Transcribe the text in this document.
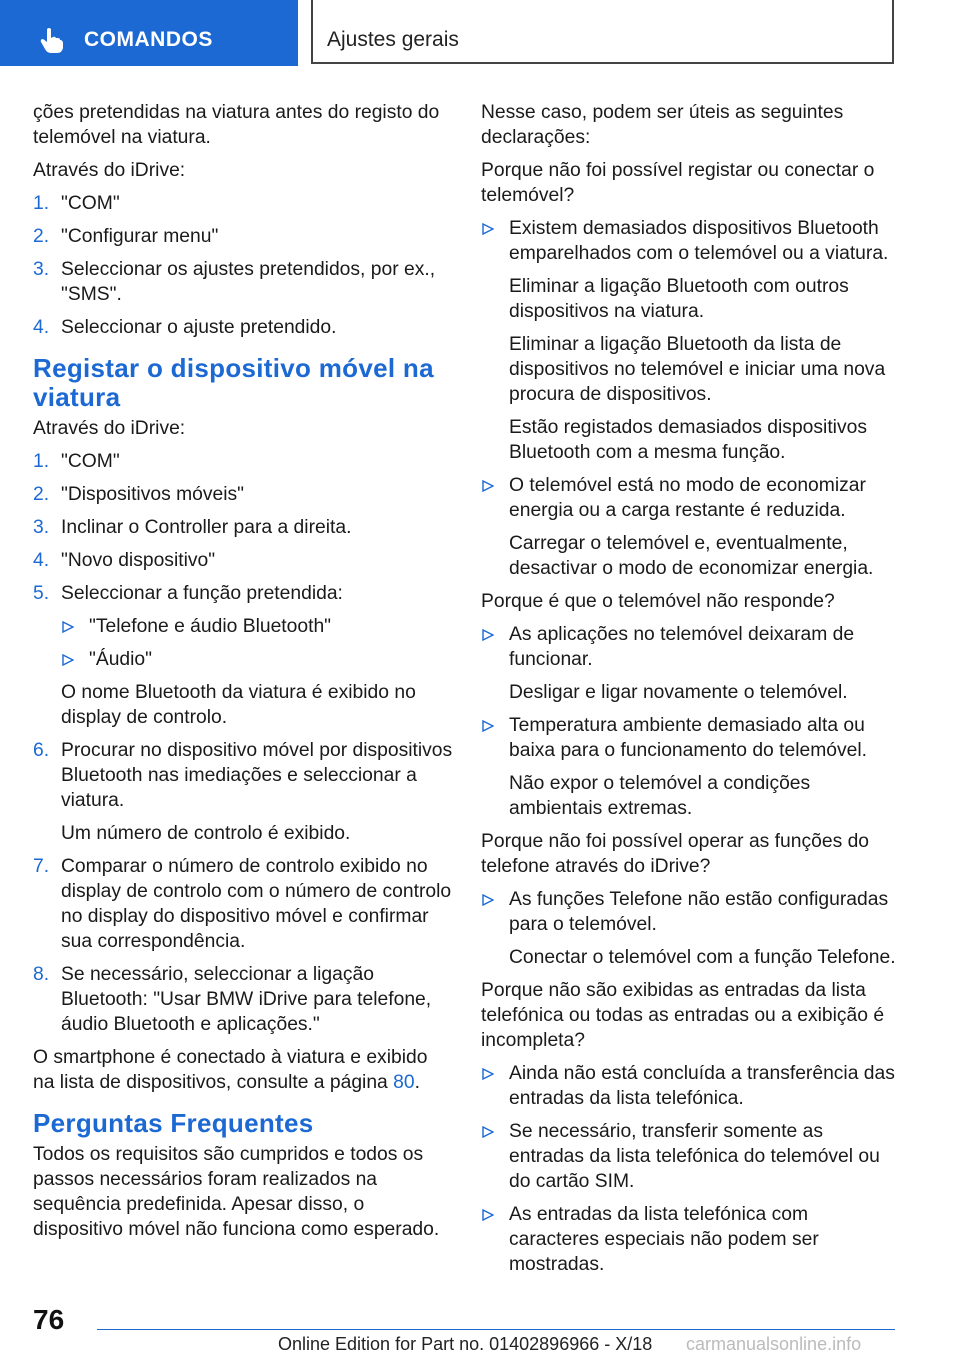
COMANDOS	Ajustes gerais

ções pretendidas na viatura antes do registo do telemóvel na viatura.

Através do iDrive:

1. "COM"
2. "Configurar menu"
3. Seleccionar os ajustes pretendidos, por ex., "SMS".
4. Seleccionar o ajuste pretendido.
Registar o dispositivo móvel na viatura

Através do iDrive:

1. "COM"
2. "Dispositivos móveis"
3. Inclinar o Controller para a direita.
4. "Novo dispositivo"
5. Seleccionar a função pretendida:
"Telefone e áudio Bluetooth"
"Áudio"
O nome Bluetooth da viatura é exibido no display de controlo.
6. Procurar no dispositivo móvel por dispositivos Bluetooth nas imediações e seleccionar a viatura.
Um número de controlo é exibido.
7. Comparar o número de controlo exibido no display de controlo com o número de controlo no display do dispositivo móvel e confirmar sua correspondência.
8. Se necessário, seleccionar a ligação Bluetooth: "Usar BMW iDrive para telefone, áudio Bluetooth e aplicações."

O smartphone é conectado à viatura e exibido na lista de dispositivos, consulte a página 80.

Perguntas Frequentes

Todos os requisitos são cumpridos e todos os passos necessários foram realizados na sequência predefinida. Apesar disso, o dispositivo móvel não funciona como esperado.

Nesse caso, podem ser úteis as seguintes declarações:

Porque não foi possível registar ou conectar o telemóvel?

Existem demasiados dispositivos Bluetooth emparelhados com o telemóvel ou a viatura.
Eliminar a ligação Bluetooth com outros dispositivos na viatura.
Eliminar a ligação Bluetooth da lista de dispositivos no telemóvel e iniciar uma nova procura de dispositivos.
Estão registados demasiados dispositivos Bluetooth com a mesma função.
O telemóvel está no modo de economizar energia ou a carga restante é reduzida.
Carregar o telemóvel e, eventualmente, desactivar o modo de economizar energia.

Porque é que o telemóvel não responde?

As aplicações no telemóvel deixaram de funcionar.
Desligar e ligar novamente o telemóvel.
Temperatura ambiente demasiado alta ou baixa para o funcionamento do telemóvel.
Não expor o telemóvel a condições ambientais extremas.

Porque não foi possível operar as funções do telefone através do iDrive?

As funções Telefone não estão configuradas para o telemóvel.
Conectar o telemóvel com a função Telefone.

Porque não são exibidas as entradas da lista telefónica ou todas as entradas ou a exibição é incompleta?

Ainda não está concluída a transferência das entradas da lista telefónica.
Se necessário, transferir somente as entradas da lista telefónica do telemóvel ou do cartão SIM.
As entradas da lista telefónica com caracteres especiais não podem ser mostradas.
76
Online Edition for Part no. 01402896966 - X/18 carmanualsonline.info
